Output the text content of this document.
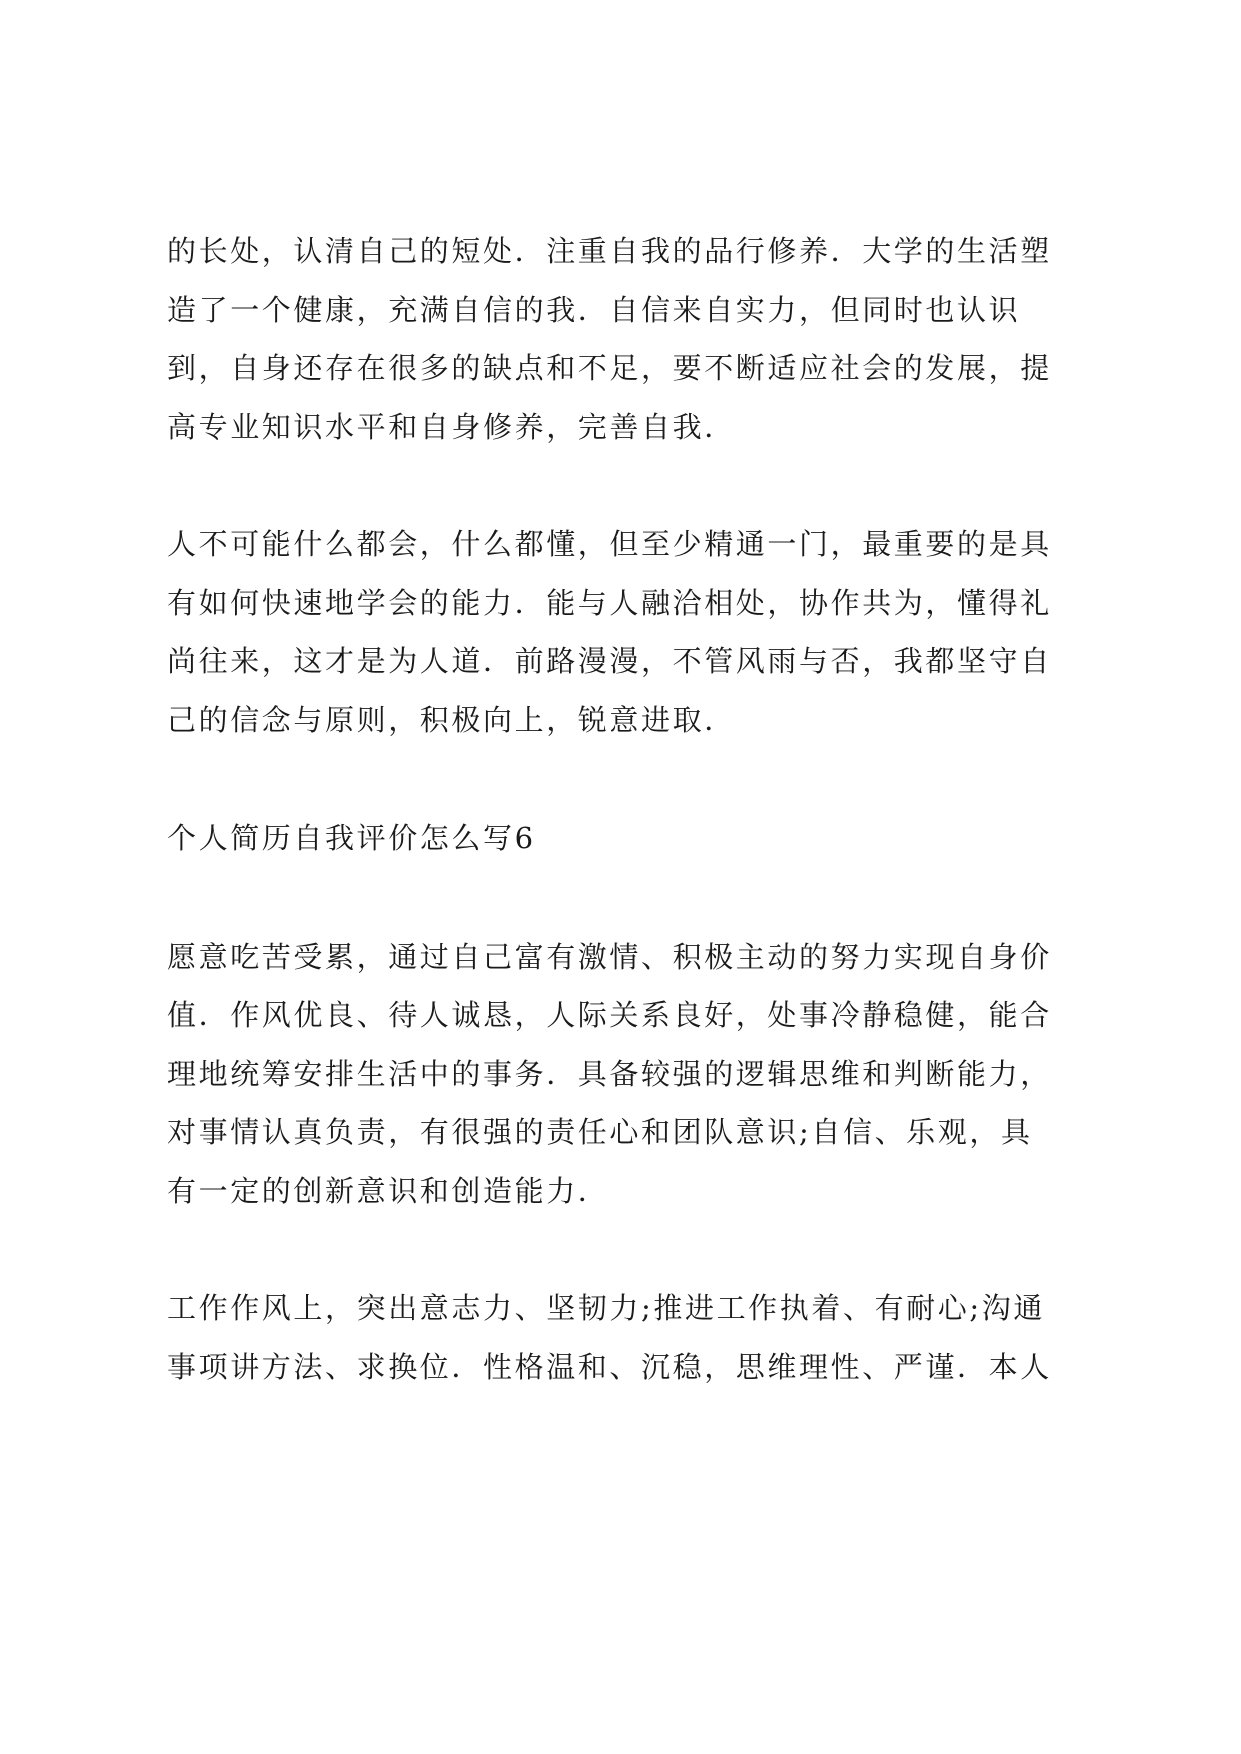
的长处，认清自己的短处．注重自我的品行修养．大学的生活塑
造了一个健康，充满自信的我．自信来自实力，但同时也认识
到，自身还存在很多的缺点和不足，要不断适应社会的发展，提
高专业知识水平和自身修养，完善自我．

人不可能什么都会，什么都懂，但至少精通一门，最重要的是具
有如何快速地学会的能力．能与人融洽相处，协作共为，懂得礼
尚往来，这才是为人道．前路漫漫，不管风雨与否，我都坚守自
己的信念与原则，积极向上，锐意进取．

个人简历自我评价怎么写6

愿意吃苦受累，通过自己富有激情、积极主动的努力实现自身价
值．作风优良、待人诚恳，人际关系良好，处事冷静稳健，能合
理地统筹安排生活中的事务．具备较强的逻辑思维和判断能力，
对事情认真负责，有很强的责任心和团队意识;自信、乐观，具
有一定的创新意识和创造能力．

工作作风上，突出意志力、坚韧力;推进工作执着、有耐心;沟通
事项讲方法、求换位．性格温和、沉稳，思维理性、严谨．本人
